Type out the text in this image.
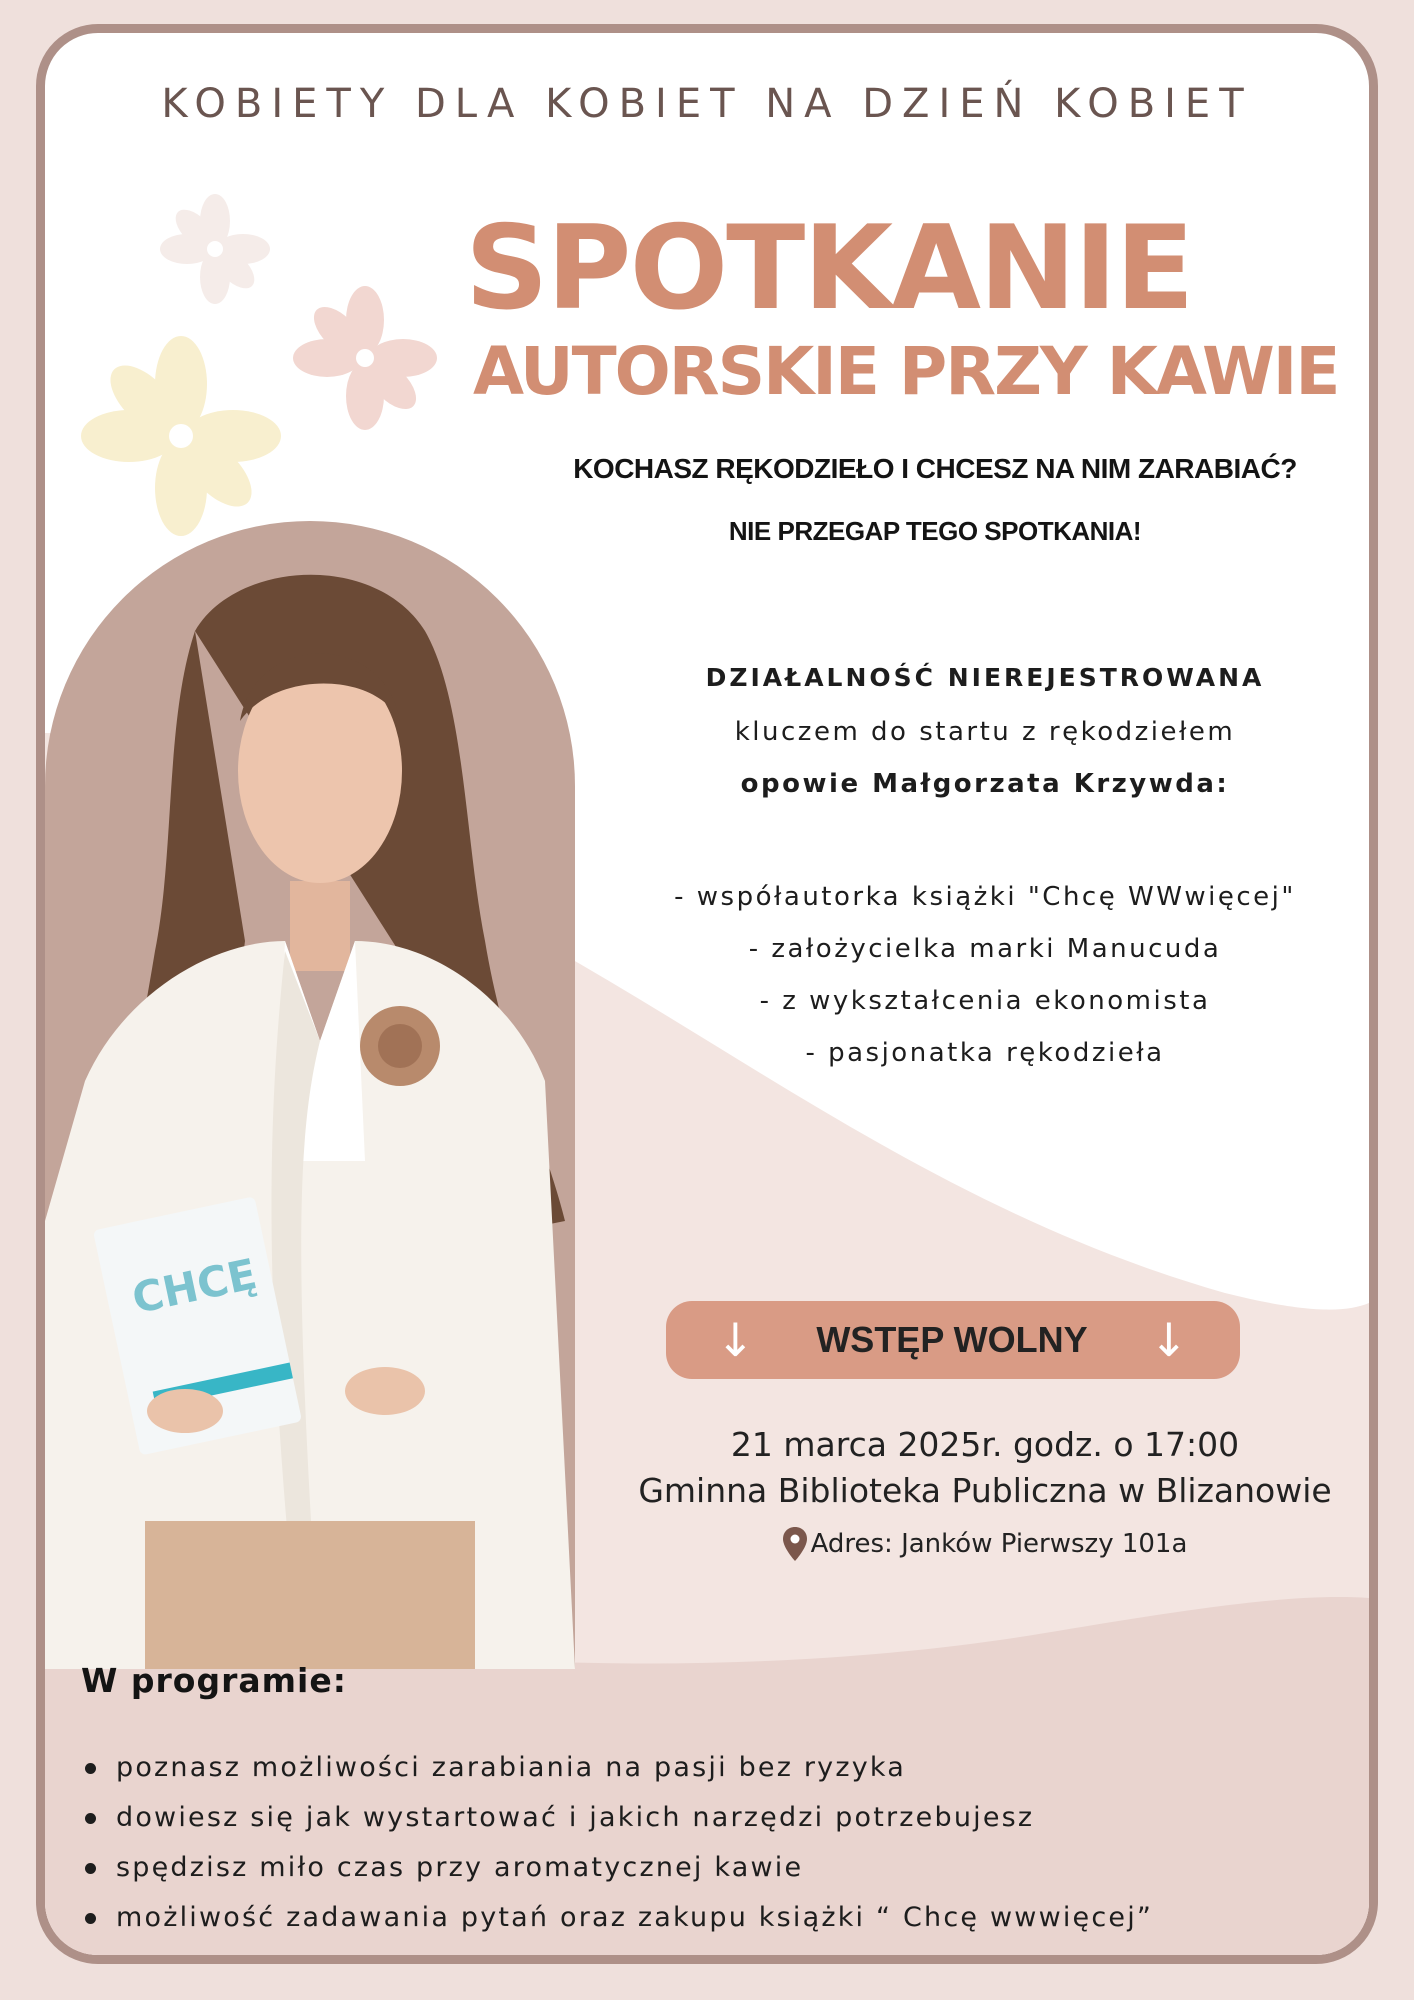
KOBIETY DLA KOBIET NA DZIEŃ KOBIET
SPOTKANIE
AUTORSKIE PRZY KAWIE
KOCHASZ RĘKODZIEŁO I CHCESZ NA NIM ZARABIAĆ?
NIE PRZEGAP TEGO SPOTKANIA!
DZIAŁALNOŚĆ NIEREJESTROWANA
kluczem do startu z rękodziełem
opowie Małgorzata Krzywda:
- współautorka książki "Chcę WWwięcej"
- założycielka marki Manucuda
- z wykształcenia ekonomista
- pasjonatka rękodzieła
CHCĘ
↓ WSTĘP WOLNY ↓
21 marca 2025r. godz. o 17:00
Gminna Biblioteka Publiczna w Blizanowie
Adres: Janków Pierwszy 101a
W programie:
poznasz możliwości zarabiania na pasji bez ryzyka
dowiesz się jak wystartować i jakich narzędzi potrzebujesz
spędzisz miło czas przy aromatycznej kawie
możliwość zadawania pytań oraz zakupu książki “ Chcę wwwięcej”
